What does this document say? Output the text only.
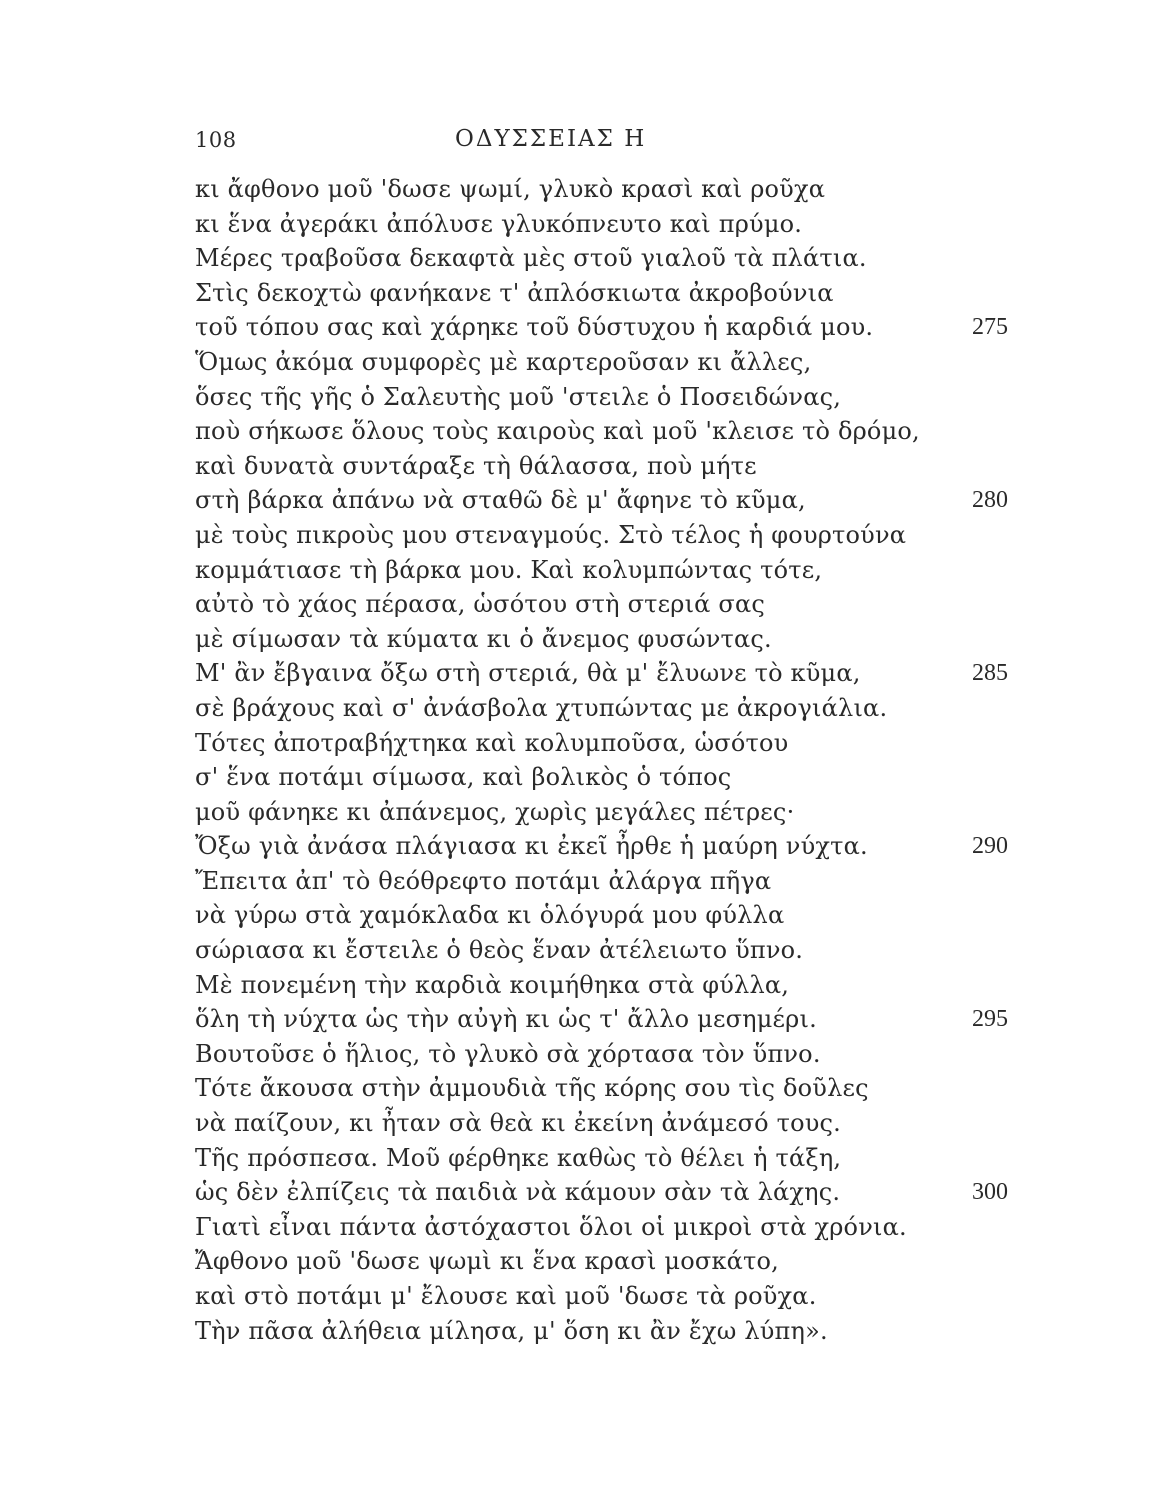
108	ΟΔΥΣΣΕΙΑΣ Η
κι ἄφθονο μοῦ 'δωσε ψωμί, γλυκὸ κρασὶ καὶ ροῦχα
κι ἕνα ἀγεράκι ἀπόλυσε γλυκόπνευτο καὶ πρύμο.
Μέρες τραβοῦσα δεκαφτὰ μὲς στοῦ γιαλοῦ τὰ πλάτια.
Στὶς δεκοχτὼ φανήκανε τ' ἀπλόσκιωτα ἀκροβούνια
τοῦ τόπου σας καὶ χάρηκε τοῦ δύστυχου ἡ καρδιά μου.	275
Ὅμως ἀκόμα συμφορὲς μὲ καρτεροῦσαν κι ἄλλες,
ὅσες τῆς γῆς ὁ Σαλευτὴς μοῦ 'στειλε ὁ Ποσειδώνας,
ποὺ σήκωσε ὅλους τοὺς καιροὺς καὶ μοῦ 'κλεισε τὸ δρόμο,
καὶ δυνατὰ συντάραξε τὴ θάλασσα, ποὺ μήτε
στὴ βάρκα ἀπάνω νὰ σταθῶ δὲ μ' ἄφηνε τὸ κῦμα,	280
μὲ τοὺς πικροὺς μου στεναγμούς. Στὸ τέλος ἡ φουρτούνα
κομμάτιασε τὴ βάρκα μου. Καὶ κολυμπώντας τότε,
αὐτὸ τὸ χάος πέρασα, ὡσότου στὴ στεριά σας
μὲ σίμωσαν τὰ κύματα κι ὁ ἄνεμος φυσώντας.
Μ' ἂν ἔβγαινα ὄξω στὴ στεριά, θὰ μ' ἔλυωνε τὸ κῦμα,	285
σὲ βράχους καὶ σ' ἀνάσβολα χτυπώντας με ἀκρογιάλια.
Τότες ἀποτραβήχτηκα καὶ κολυμποῦσα, ὡσότου
σ' ἕνα ποτάμι σίμωσα, καὶ βολικὸς ὁ τόπος
μοῦ φάνηκε κι ἀπάνεμος, χωρὶς μεγάλες πέτρες·
Ὄξω γιὰ ἀνάσα πλάγιασα κι ἐκεῖ ἦρθε ἡ μαύρη νύχτα.	290
Ἔπειτα ἀπ' τὸ θεόθρεφτο ποτάμι ἀλάργα πῆγα
νὰ γύρω στὰ χαμόκλαδα κι ὁλόγυρά μου φύλλα
σώριασα κι ἔστειλε ὁ θεὸς ἕναν ἀτέλειωτο ὕπνο.
Μὲ πονεμένη τὴν καρδιὰ κοιμήθηκα στὰ φύλλα,
ὅλη τὴ νύχτα ὡς τὴν αὐγὴ κι ὡς τ' ἄλλο μεσημέρι.	295
Βουτοῦσε ὁ ἥλιος, τὸ γλυκὸ σὰ χόρτασα τὸν ὕπνο.
Τότε ἄκουσα στὴν ἀμμουδιὰ τῆς κόρης σου τὶς δοῦλες
νὰ παίζουν, κι ἦταν σὰ θεὰ κι ἐκείνη ἀνάμεσό τους.
Τῆς πρόσπεσα. Μοῦ φέρθηκε καθὼς τὸ θέλει ἡ τάξη,
ὡς δὲν ἐλπίζεις τὰ παιδιὰ νὰ κάμουν σὰν τὰ λάχης.	300
Γιατὶ εἶναι πάντα ἀστόχαστοι ὅλοι οἱ μικροὶ στὰ χρόνια.
Ἄφθονο μοῦ 'δωσε ψωμὶ κι ἕνα κρασὶ μοσκάτο,
καὶ στὸ ποτάμι μ' ἔλουσε καὶ μοῦ 'δωσε τὰ ροῦχα.
Τὴν πᾶσα ἀλήθεια μίλησα, μ' ὅση κι ἂν ἔχω λύπη».
